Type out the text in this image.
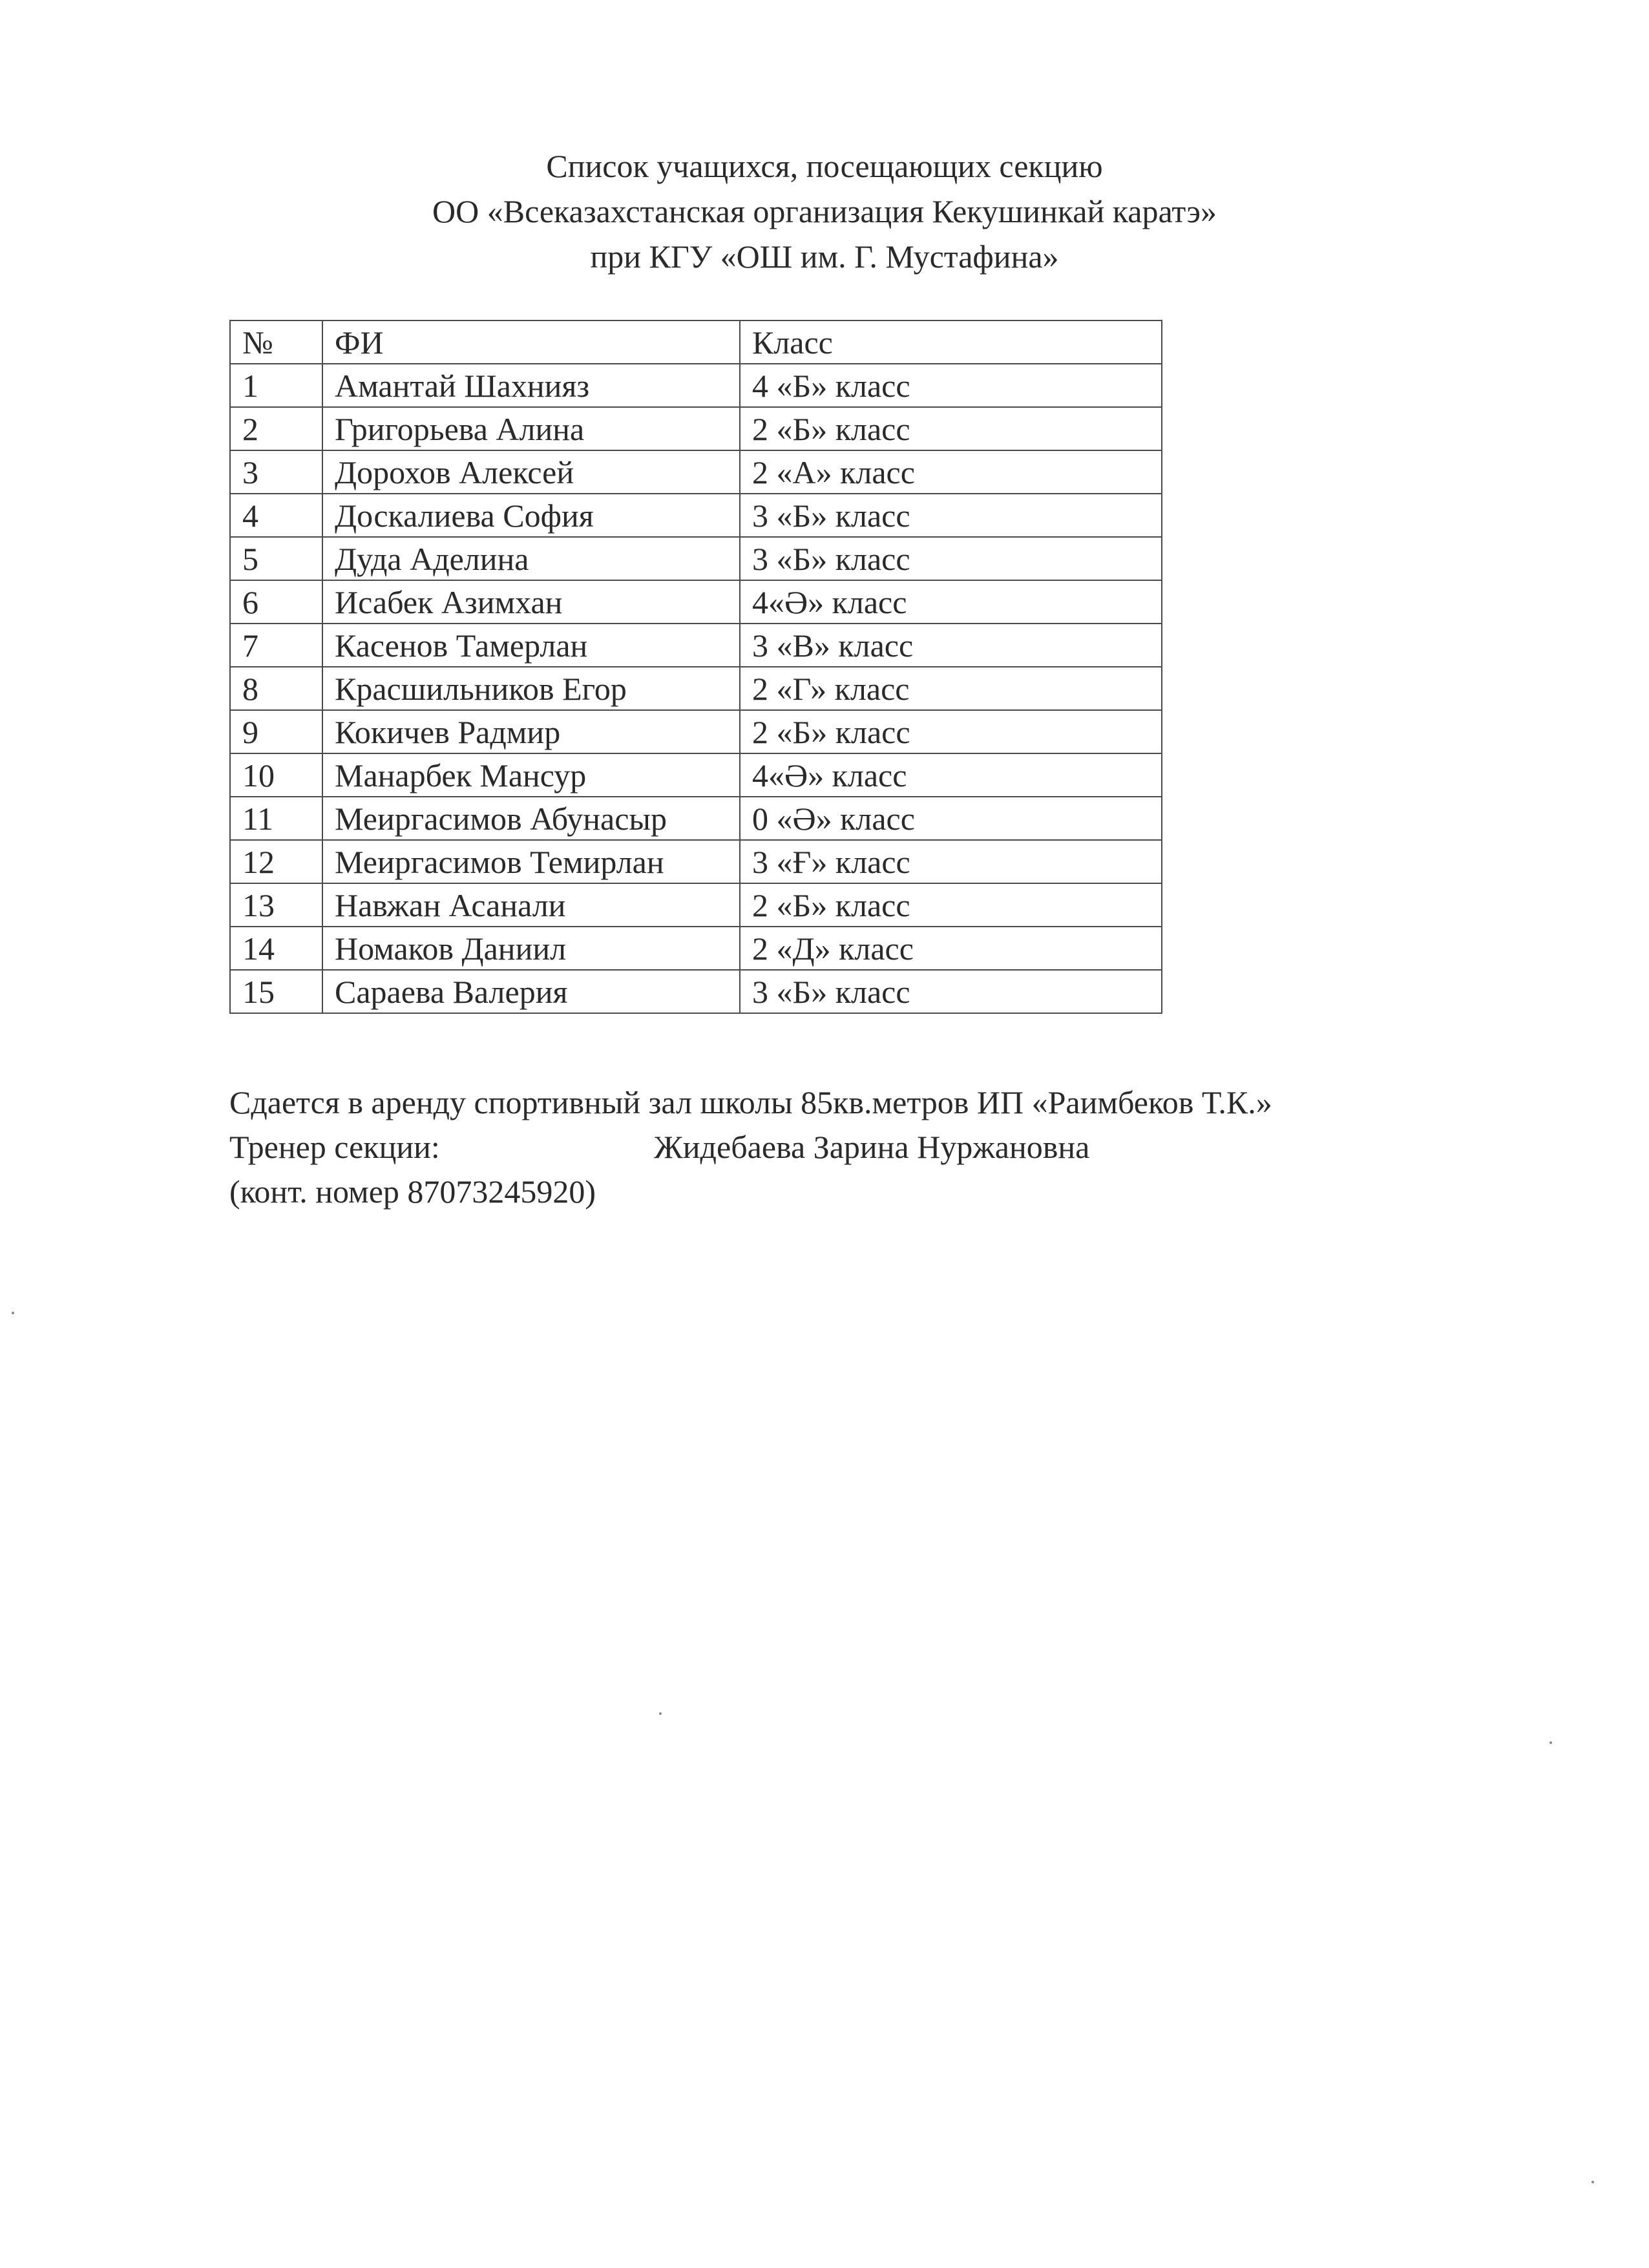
Список учащихся, посещающих секцию
ОО «Всеказахстанская организация Кекушинкай каратэ»
при КГУ «ОШ им. Г. Мустафина»
№	ФИ	Класс
1	Амантай Шахнияз	4 «Б» класс
2	Григорьева Алина	2 «Б» класс
3	Дорохов Алексей	2 «А» класс
4	Доскалиева София	3 «Б» класс
5	Дуда Аделина	3 «Б» класс
6	Исабек Азимхан	4«Ә» класс
7	Касенов Тамерлан	3 «В» класс
8	Красшильников Егор	2 «Г» класс
9	Кокичев Радмир	2 «Б» класс
10	Манарбек Мансур	4«Ә» класс
11	Меиргасимов Абунасыр	0 «Ә» класс
12	Меиргасимов Темирлан	3 «Ғ» класс
13	Навжан Асанали	2 «Б» класс
14	Номаков Даниил	2 «Д» класс
15	Сараева Валерия	3 «Б» класс
Сдается в аренду спортивный зал школы 85кв.метров ИП «Раимбеков Т.К.»
Тренер секции:	Жидебаева Зарина Нуржановна
(конт. номер 87073245920)
